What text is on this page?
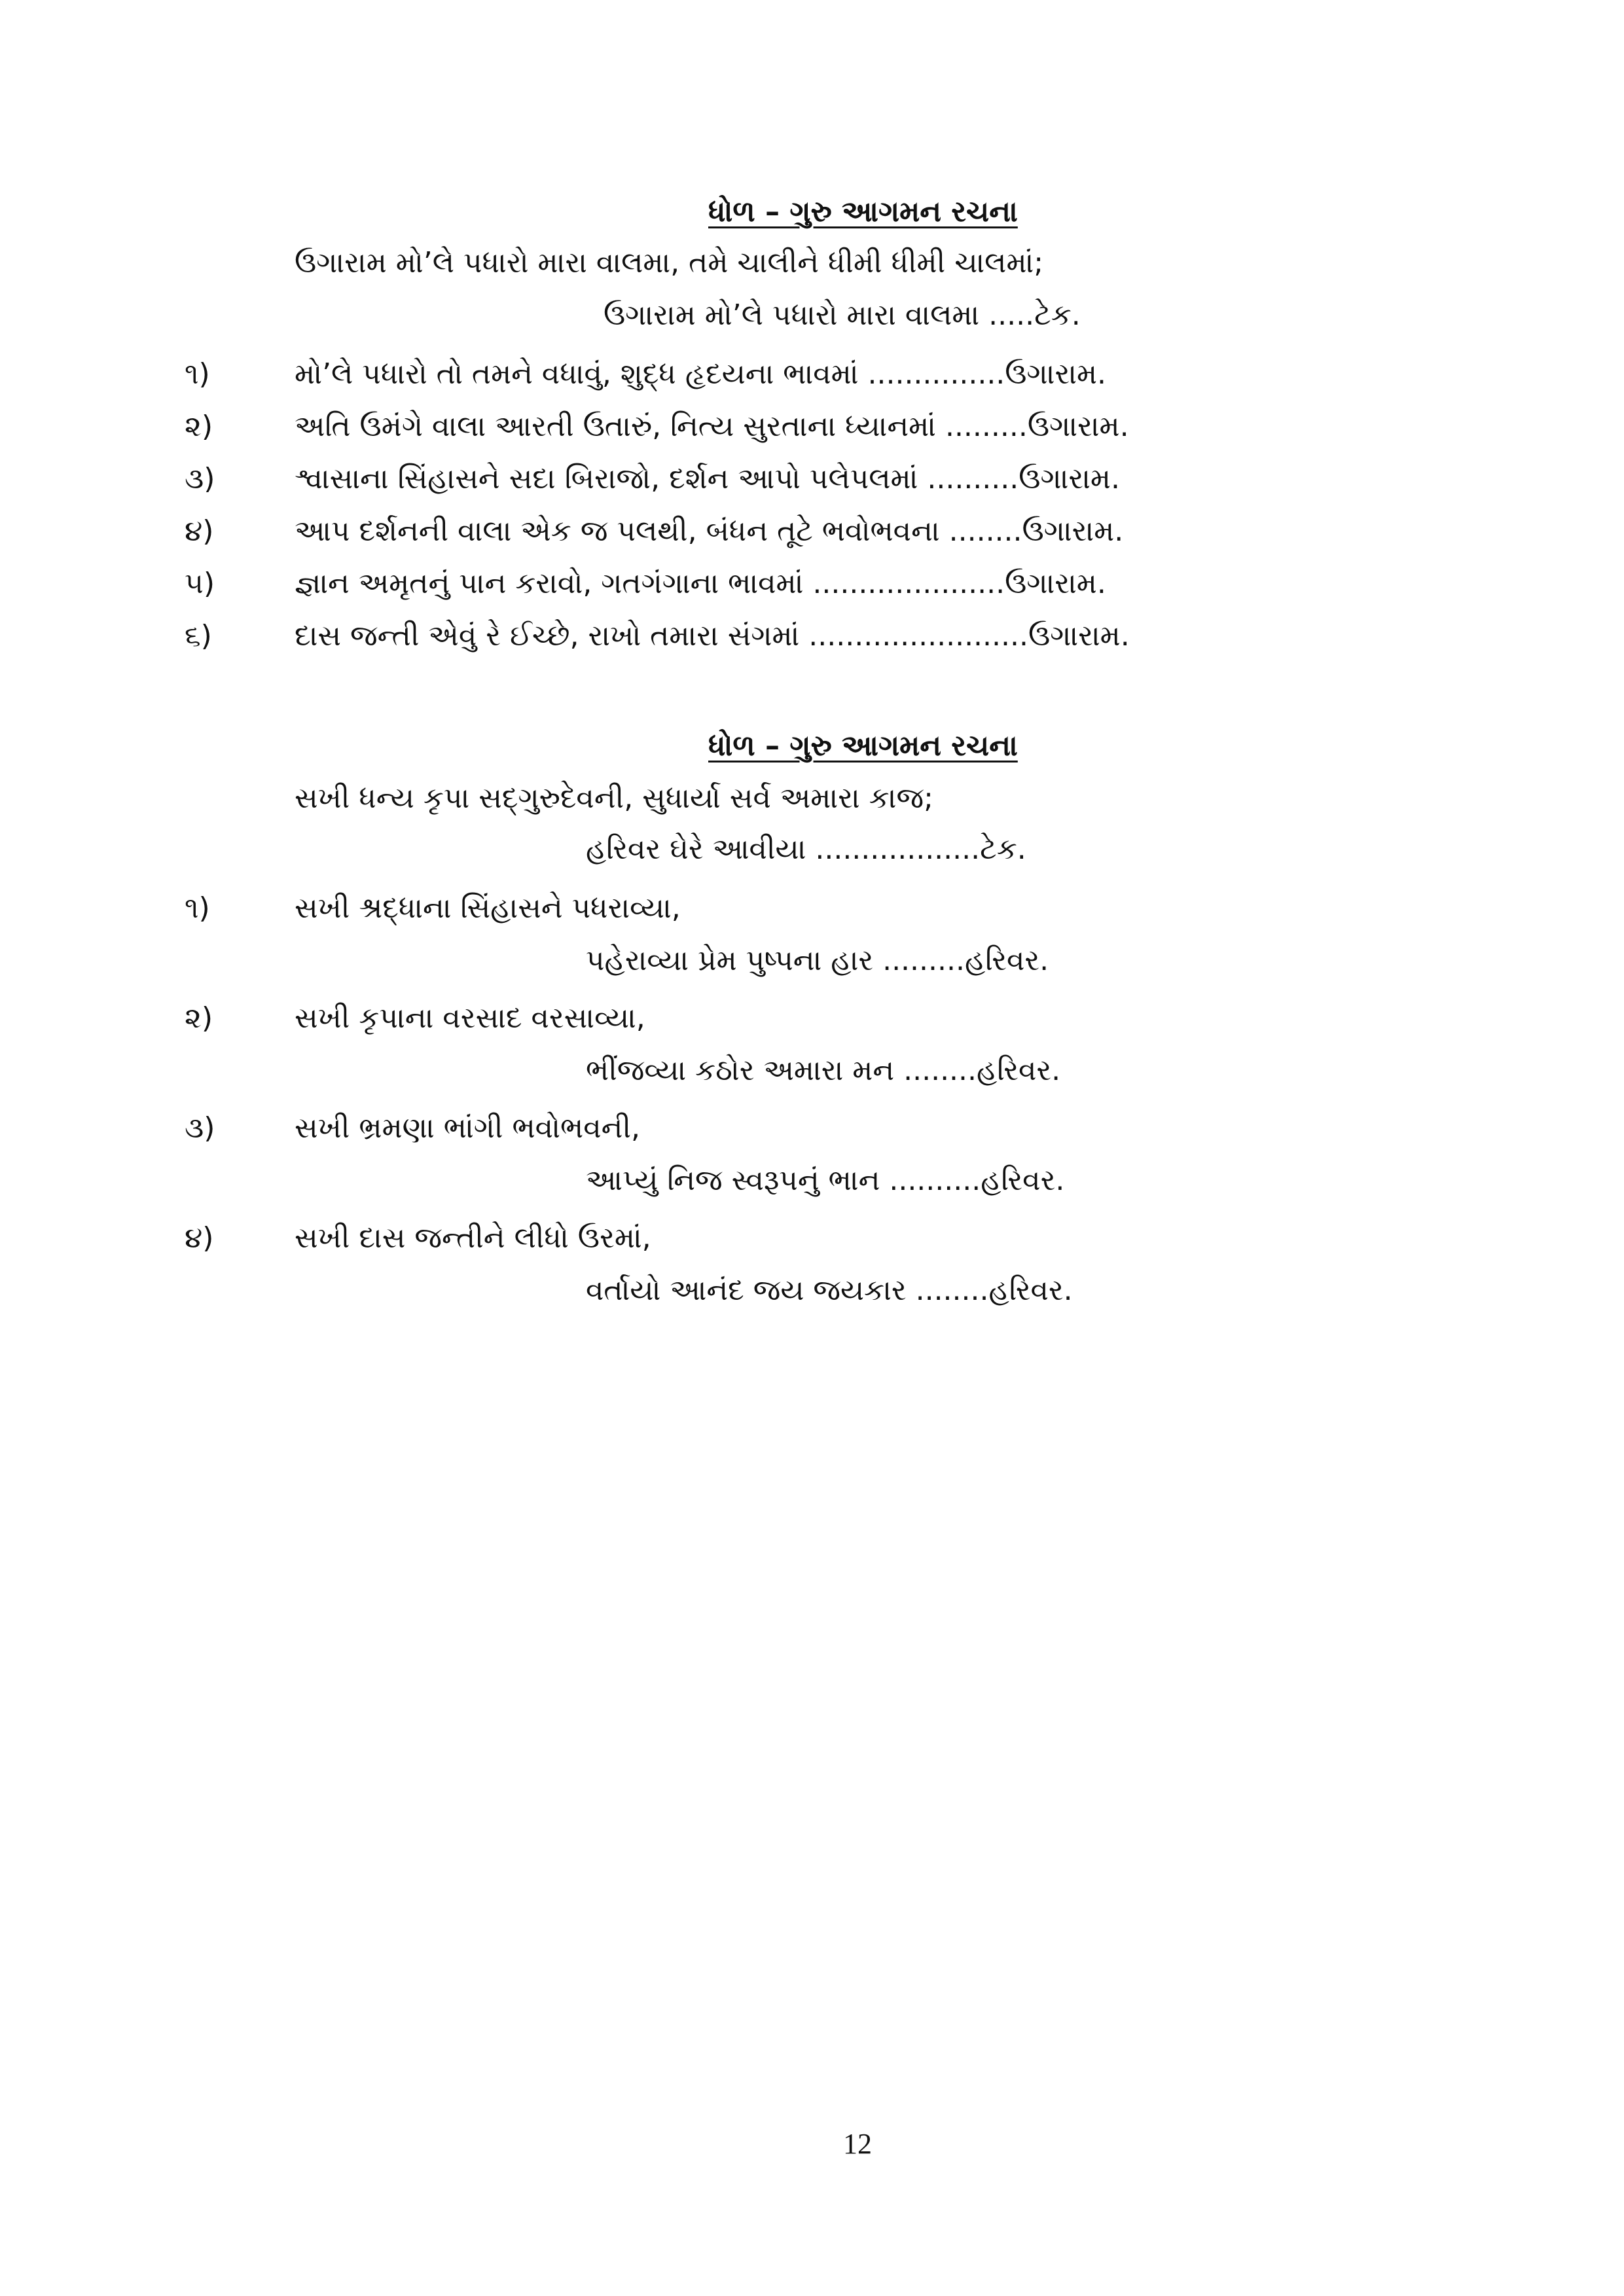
ધોળ – ગુરુ આગમન રચના
ઉગારામ મો’લે પધારો મારા વાલમા, તમે ચાલીને ધીમી ધીમી ચાલમાં;
ઉગારામ મો’લે પધારો મારા વાલમા .....ટેક.
૧)	મો’લે પધારો તો તમને વધાવું, શુદ્ધ હૃદયના ભાવમાં ...............ઉગારામ.
૨)	અતિ ઉમંગે વાલા આરતી ઉતારું, નિત્ય સુરતાના ધ્યાનમાં .........ઉગારામ.
૩)	શ્વાસાના સિંહાસને સદા બિરાજો, દર્શન આપો પલેપલમાં ..........ઉગારામ.
૪)	આપ દર્શનની વાલા એક જ પલથી, બંધન તૂટે ભવોભવના ........ઉગારામ.
૫)	જ્ઞાન અમૃતનું પાન કરાવો, ગતગંગાના ભાવમાં .....................ઉગારામ.
૬)	દાસ જન્તી એવું રે ઈચ્છે, રાખો તમારા સંગમાં ........................ઉગારામ.
ધોળ – ગુરુ આગમન રચના
સખી ધન્ય કૃપા સદ્‌ગુરુદેવની, સુધાર્યા સર્વ અમારા કાજ;
હરિવર ઘેરે આવીયા ..................ટેક.
૧)	સખી શ્રદ્ધાના સિંહાસને પધરાવ્યા,
પહેરાવ્યા પ્રેમ પુષ્પના હાર .........હરિવર.
૨)	સખી કૃપાના વરસાદ વરસાવ્યા,
ભીંજવ્યા કઠોર અમારા મન ........હરિવર.
૩)	સખી ભ્રમણા ભાંગી ભવોભવની,
આપ્યું નિજ સ્વરૂપનું ભાન ..........હરિવર.
૪)	સખી દાસ જન્તીને લીધો ઉરમાં,
વર્તાયો આનંદ જય જયકાર ........હરિવર.
12
